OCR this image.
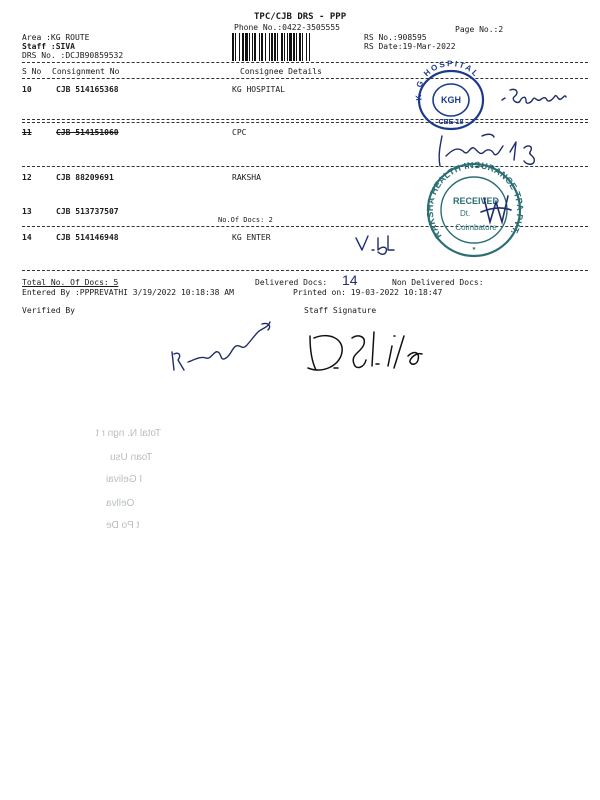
TPC/CJB DRS - PPP
Phone No.:0422-3505555	Page No.:2
Area :KG ROUTE
Staff :SIVA
DRS No. :DCJB90859532
RS No.:908595
RS Date:19-Mar-2022
S No Consignment No	Consignee Details
10	CJB 514165368	KG HOSPITAL
11	CJB 514151060	CPC
12	CJB 88209691	RAKSHA
13	CJB 513737507
No.Of Docs: 2
14	CJB 514146948	KG ENTER
Total No. Of Docs: 5	Delivered Docs: 14	Non Delivered Docs:
Entered By :PPPREVATHI 3/19/2022 10:18:38 AM	Printed on: 19-03-2022 10:18:47
Verified By	Staff Signature
K G HOSPITAL
KGH
CBE-18
RAKSHA HEALTH INSURANCE TPA PVT. LTD.
RECEIVED
Dt.
Coimbatore
★
Total N. ngn r t
Toan Usu
I Gelivai
Oellva
t Po De
